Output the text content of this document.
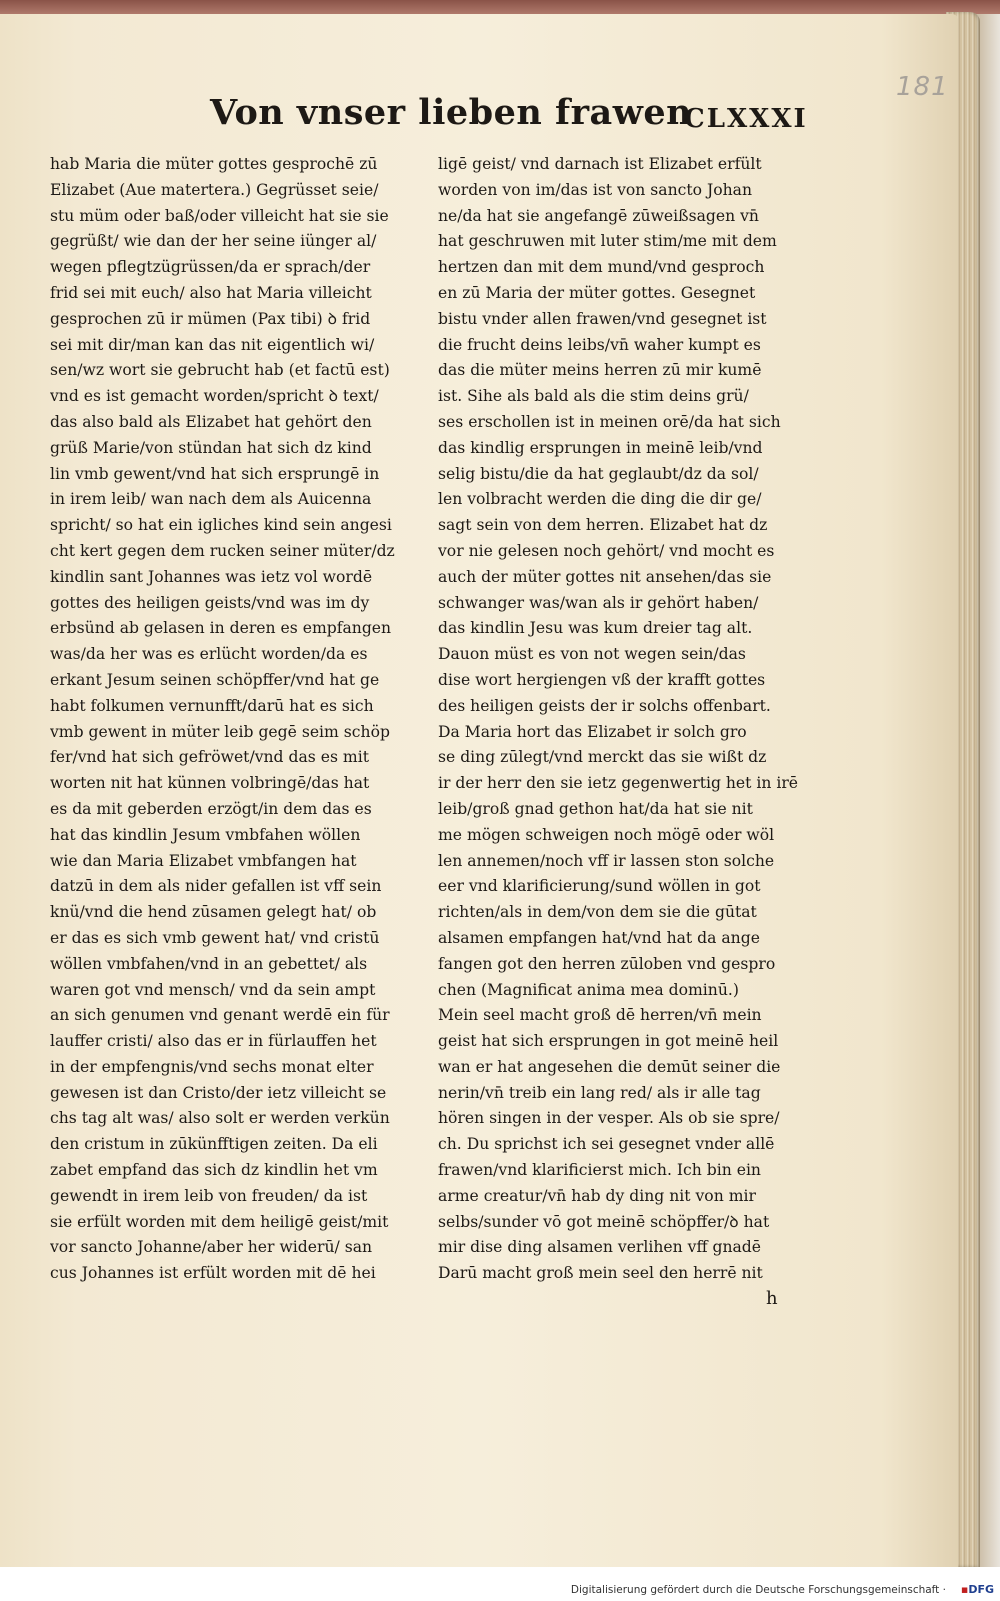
181
Von vnser lieben frawen
CLXXXI
hab Maria die müter gottes gesprochē zū
Elizabet (Aue matertera.) Gegrüsset seie/
stu müm oder baß/oder villeicht hat sie sie
gegrüßt/ wie dan der her seine iünger al/
wegen pflegtzügrüssen/da er sprach/der
frid sei mit euch/ also hat Maria villeicht
gesprochen zū ir mümen (Pax tibi) ꝺ frid
sei mit dir/man kan das nit eigentlich wi/
sen/wz wort sie gebrucht hab (et factū est)
vnd es ist gemacht worden/spricht ꝺ text/
das also bald als Elizabet hat gehört den
grüß Marie/von stündan hat sich dz kind
lin vmb gewent/vnd hat sich ersprungē in
in irem leib/ wan nach dem als Auicenna
spricht/ so hat ein igliches kind sein angesi
cht kert gegen dem rucken seiner müter/dz
kindlin sant Johannes was ietz vol wordē
gottes des heiligen geists/vnd was im dy
erbsünd ab gelasen in deren es empfangen
was/da her was es erlücht worden/da es
erkant Jesum seinen schöpffer/vnd hat ge
habt folkumen vernunfft/darū hat es sich
vmb gewent in müter leib gegē seim schöp
fer/vnd hat sich gefröwet/vnd das es mit
worten nit hat künnen volbringē/das hat
es da mit geberden erzögt/in dem das es
hat das kindlin Jesum vmbfahen wöllen
wie dan Maria Elizabet vmbfangen hat
datzū in dem als nider gefallen ist vff sein
knü/vnd die hend zūsamen gelegt hat/ ob
er das es sich vmb gewent hat/ vnd cristū
wöllen vmbfahen/vnd in an gebettet/ als
waren got vnd mensch/ vnd da sein ampt
an sich genumen vnd genant werdē ein für
lauffer cristi/ also das er in fürlauffen het
in der empfengnis/vnd sechs monat elter
gewesen ist dan Cristo/der ietz villeicht se
chs tag alt was/ also solt er werden verkün
den cristum in zūkünfftigen zeiten. Da eli
zabet empfand das sich dz kindlin het vm
gewendt in irem leib von freuden/ da ist
sie erfült worden mit dem heiligē geist/mit
vor sancto Johanne/aber her widerū/ san
cus Johannes ist erfült worden mit dē hei
ligē geist/ vnd darnach ist Elizabet erfült
worden von im/das ist von sancto Johan
ne/da hat sie angefangē zūweißsagen vn̄
hat geschruwen mit luter stim/me mit dem
hertzen dan mit dem mund/vnd gesproch
en zū Maria der müter gottes. Gesegnet
bistu vnder allen frawen/vnd gesegnet ist
die frucht deins leibs/vn̄ waher kumpt es
das die müter meins herren zū mir kumē
ist. Sihe als bald als die stim deins grü/
ses erschollen ist in meinen orē/da hat sich
das kindlig ersprungen in meinē leib/vnd
selig bistu/die da hat geglaubt/dz da sol/
len volbracht werden die ding die dir ge/
sagt sein von dem herren. Elizabet hat dz
vor nie gelesen noch gehört/ vnd mocht es
auch der müter gottes nit ansehen/das sie
schwanger was/wan als ir gehört haben/
das kindlin Jesu was kum dreier tag alt.
Dauon müst es von not wegen sein/das
dise wort hergiengen vß der krafft gottes
des heiligen geists der ir solchs offenbart.
Da Maria hort das Elizabet ir solch gro
se ding zūlegt/vnd merckt das sie wißt dz
ir der herr den sie ietz gegenwertig het in irē
leib/groß gnad gethon hat/da hat sie nit
me mögen schweigen noch mögē oder wöl
len annemen/noch vff ir lassen ston solche
eer vnd klarificierung/sund wöllen in got
richten/als in dem/von dem sie die gūtat
alsamen empfangen hat/vnd hat da ange
fangen got den herren zūloben vnd gespro
chen (Magnificat anima mea dominū.)
Mein seel macht groß dē herren/vn̄ mein
geist hat sich ersprungen in got meinē heil
wan er hat angesehen die demūt seiner die
nerin/vn̄ treib ein lang red/ als ir alle tag
hören singen in der vesper. Als ob sie spre/
ch. Du sprichst ich sei gesegnet vnder allē
frawen/vnd klarificierst mich. Ich bin ein
arme creatur/vn̄ hab dy ding nit von mir
selbs/sunder vō got meinē schöpffer/ꝺ hat
mir dise ding alsamen verlihen vff gnadē
Darū macht groß mein seel den herrē nit
h
Digitalisierung gefördert durch die Deutsche Forschungsgemeinschaft · ▪DFG
